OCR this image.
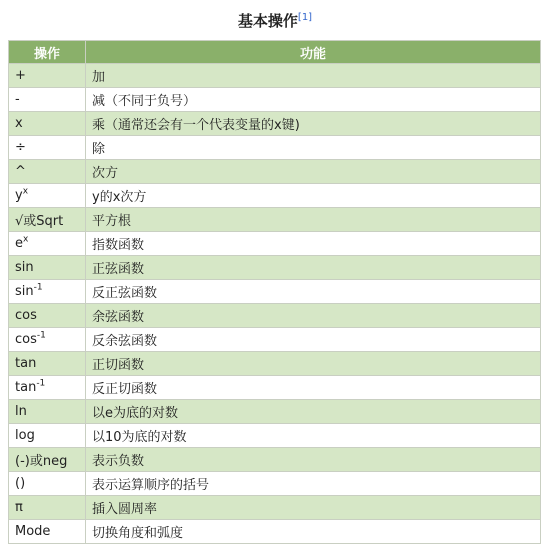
基本操作[1]
操作	功能
+	加
-	减（不同于负号）
x	乘（通常还会有一个代表变量的x键)
÷	除
^	次方
$y^x$	y的x次方
√或Sqrt	平方根
$e^x$	指数函数
sin	正弦函数
$\sin^{-1}$	反正弦函数
cos	余弦函数
$\cos^{-1}$	反余弦函数
tan	正切函数
$\tan^{-1}$	反正切函数
ln	以e为底的对数
log	以10为底的对数
(-)或neg	表示负数
()	表示运算顺序的括号
π	插入圆周率
Mode	切换角度和弧度
